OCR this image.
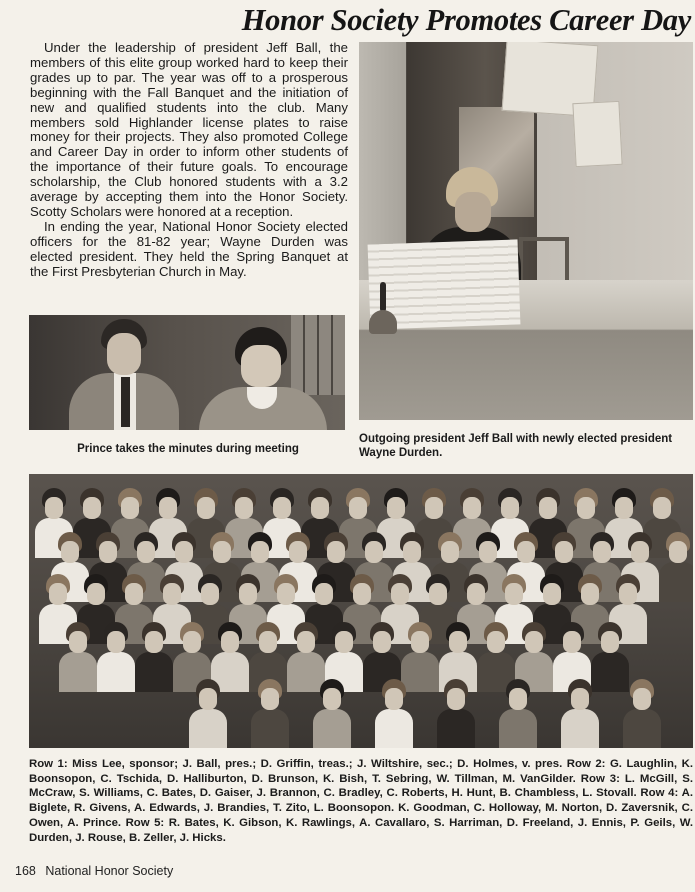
Honor Society Promotes Career Day

Under the leadership of president Jeff Ball, the members of this elite group worked hard to keep their grades up to par. The year was off to a prosperous beginning with the Fall Banquet and the initiation of new and qualified students into the club. Many members sold Highlander license plates to raise money for their projects. They also promoted College and Career Day in order to inform other students of the importance of their future goals. To encourage scholarship, the Club honored students with a 3.2 average by accepting them into the Honor Society. Scotty Scholars were honored at a reception.

In ending the year, National Honor Society elected officers for the 81-82 year; Wayne Durden was elected president. They held the Spring Banquet at the First Presbyterian Church in May.

Prince takes the minutes during meeting
Outgoing president Jeff Ball with newly elected president Wayne Durden.
Row 1: Miss Lee, sponsor; J. Ball, pres.; D. Griffin, treas.; J. Wiltshire, sec.; D. Holmes, v. pres. Row 2: G. Laughlin, K. Boonsopon, C. Tschida, D. Halliburton, D. Brunson, K. Bish, T. Sebring, W. Tillman, M. VanGilder. Row 3: L. McGill, S. McCraw, S. Williams, C. Bates, D. Gaiser, J. Brannon, C. Bradley, C. Roberts, H. Hunt, B. Chambless, L. Stovall. Row 4: A. Biglete, R. Givens, A. Edwards, J. Brandies, T. Zito, L. Boonsopon. K. Goodman, C. Holloway, M. Norton, D. Zaversnik, C. Owen, A. Prince. Row 5: R. Bates, K. Gibson, K. Rawlings, A. Cavallaro, S. Harriman, D. Freeland, J. Ennis, P. Geils, W. Durden, J. Rouse, B. Zeller, J. Hicks.
168 National Honor Society
